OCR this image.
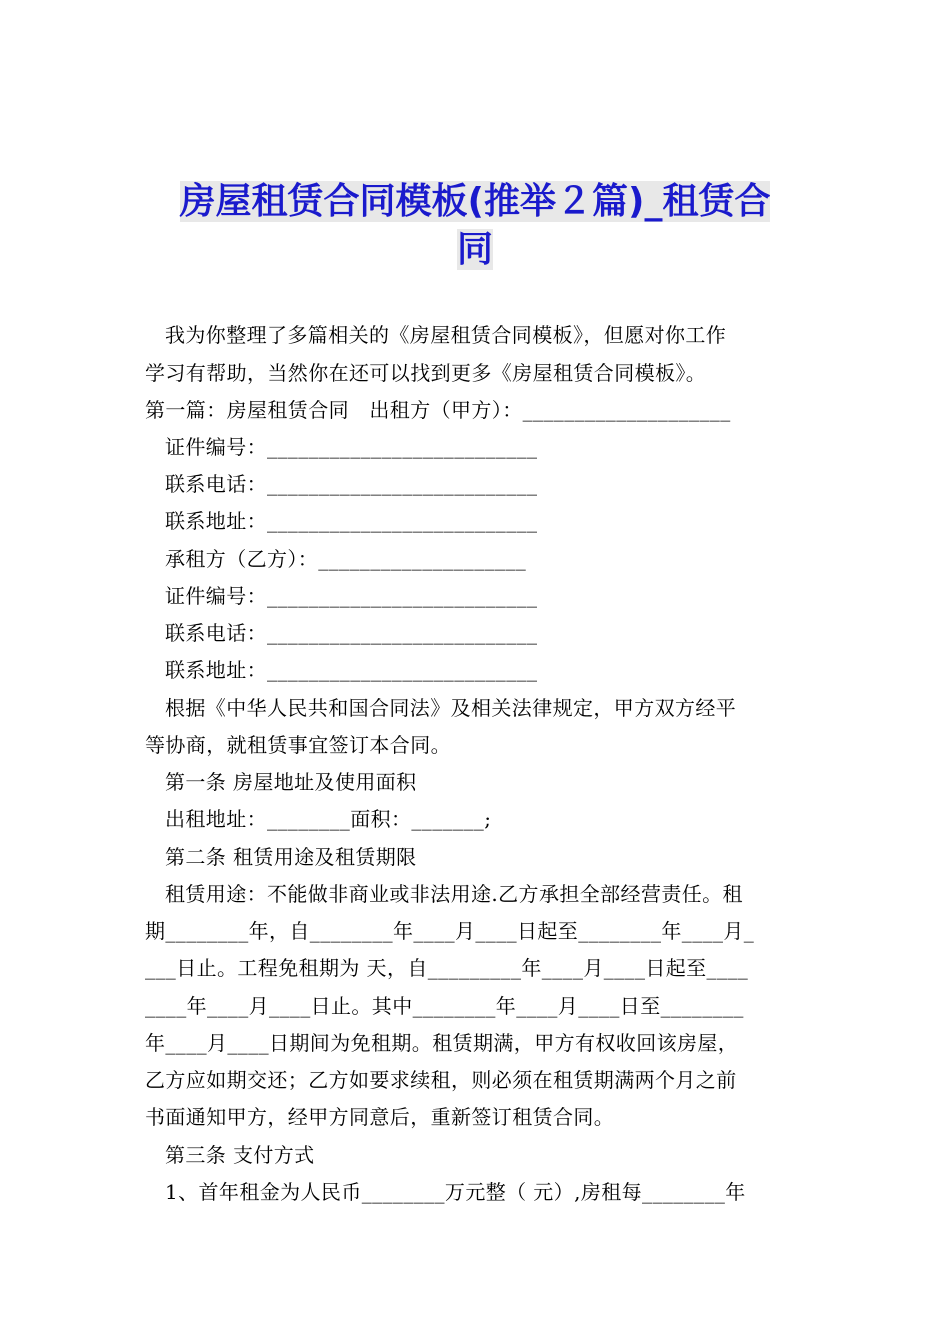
房屋租赁合同模板(推举２篇)_租赁合
同
我为你整理了多篇相关的《房屋租赁合同模板》，但愿对你工作
学习有帮助，当然你在还可以找到更多《房屋租赁合同模板》。
第一篇：房屋租赁合同　出租方（甲方）：____________________
证件编号：__________________________
联系电话：__________________________
联系地址：__________________________
承租方（乙方）：____________________
证件编号：__________________________
联系电话：__________________________
联系地址：__________________________
根据《中华人民共和国合同法》及相关法律规定，甲方双方经平
等协商，就租赁事宜签订本合同。
第一条 房屋地址及使用面积
出租地址：________面积：_______;
第二条 租赁用途及租赁期限
租赁用途：不能做非商业或非法用途.乙方承担全部经营责任。租
期________年，自________年____月____日起至________年____月_
___日止。工程免租期为 天，自_________年____月____日起至____
____年____月____日止。其中________年____月____日至________
年____月____日期间为免租期。租赁期满，甲方有权收回该房屋，
乙方应如期交还；乙方如要求续租，则必须在租赁期满两个月之前
书面通知甲方，经甲方同意后，重新签订租赁合同。
第三条 支付方式
1、首年租金为人民币________万元整（ 元）,房租每________年
